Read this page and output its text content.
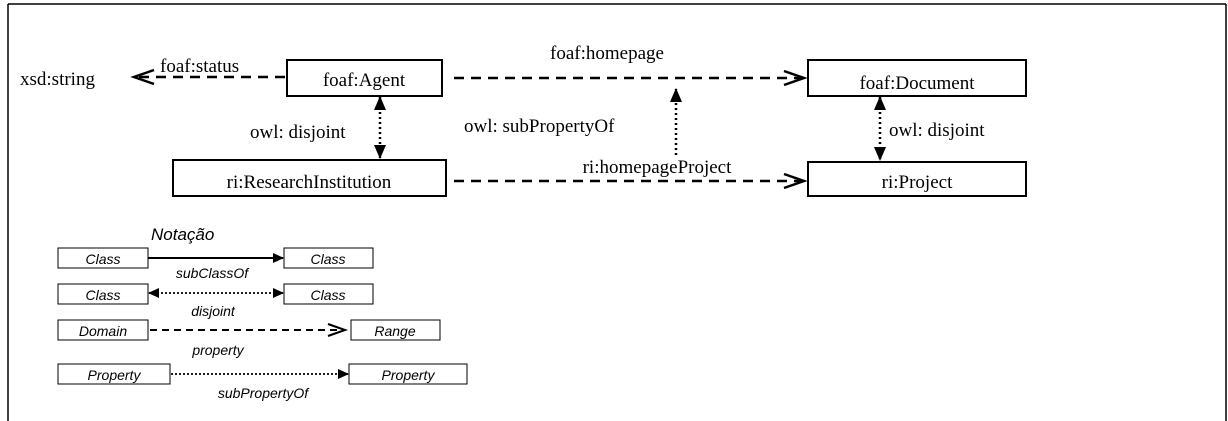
xsd:string	foaf:Agent	foaf:Document
ri:ResearchInstitution	ri:Project
foaf:status
foaf:homepage
ri:homepageProject
owl: subPropertyOf
owl: disjoint	owl: disjoint
Notação
Class	Class
subClassOf
Class	Class
disjoint
Domain	Range
property
Property	Property
subPropertyOf
